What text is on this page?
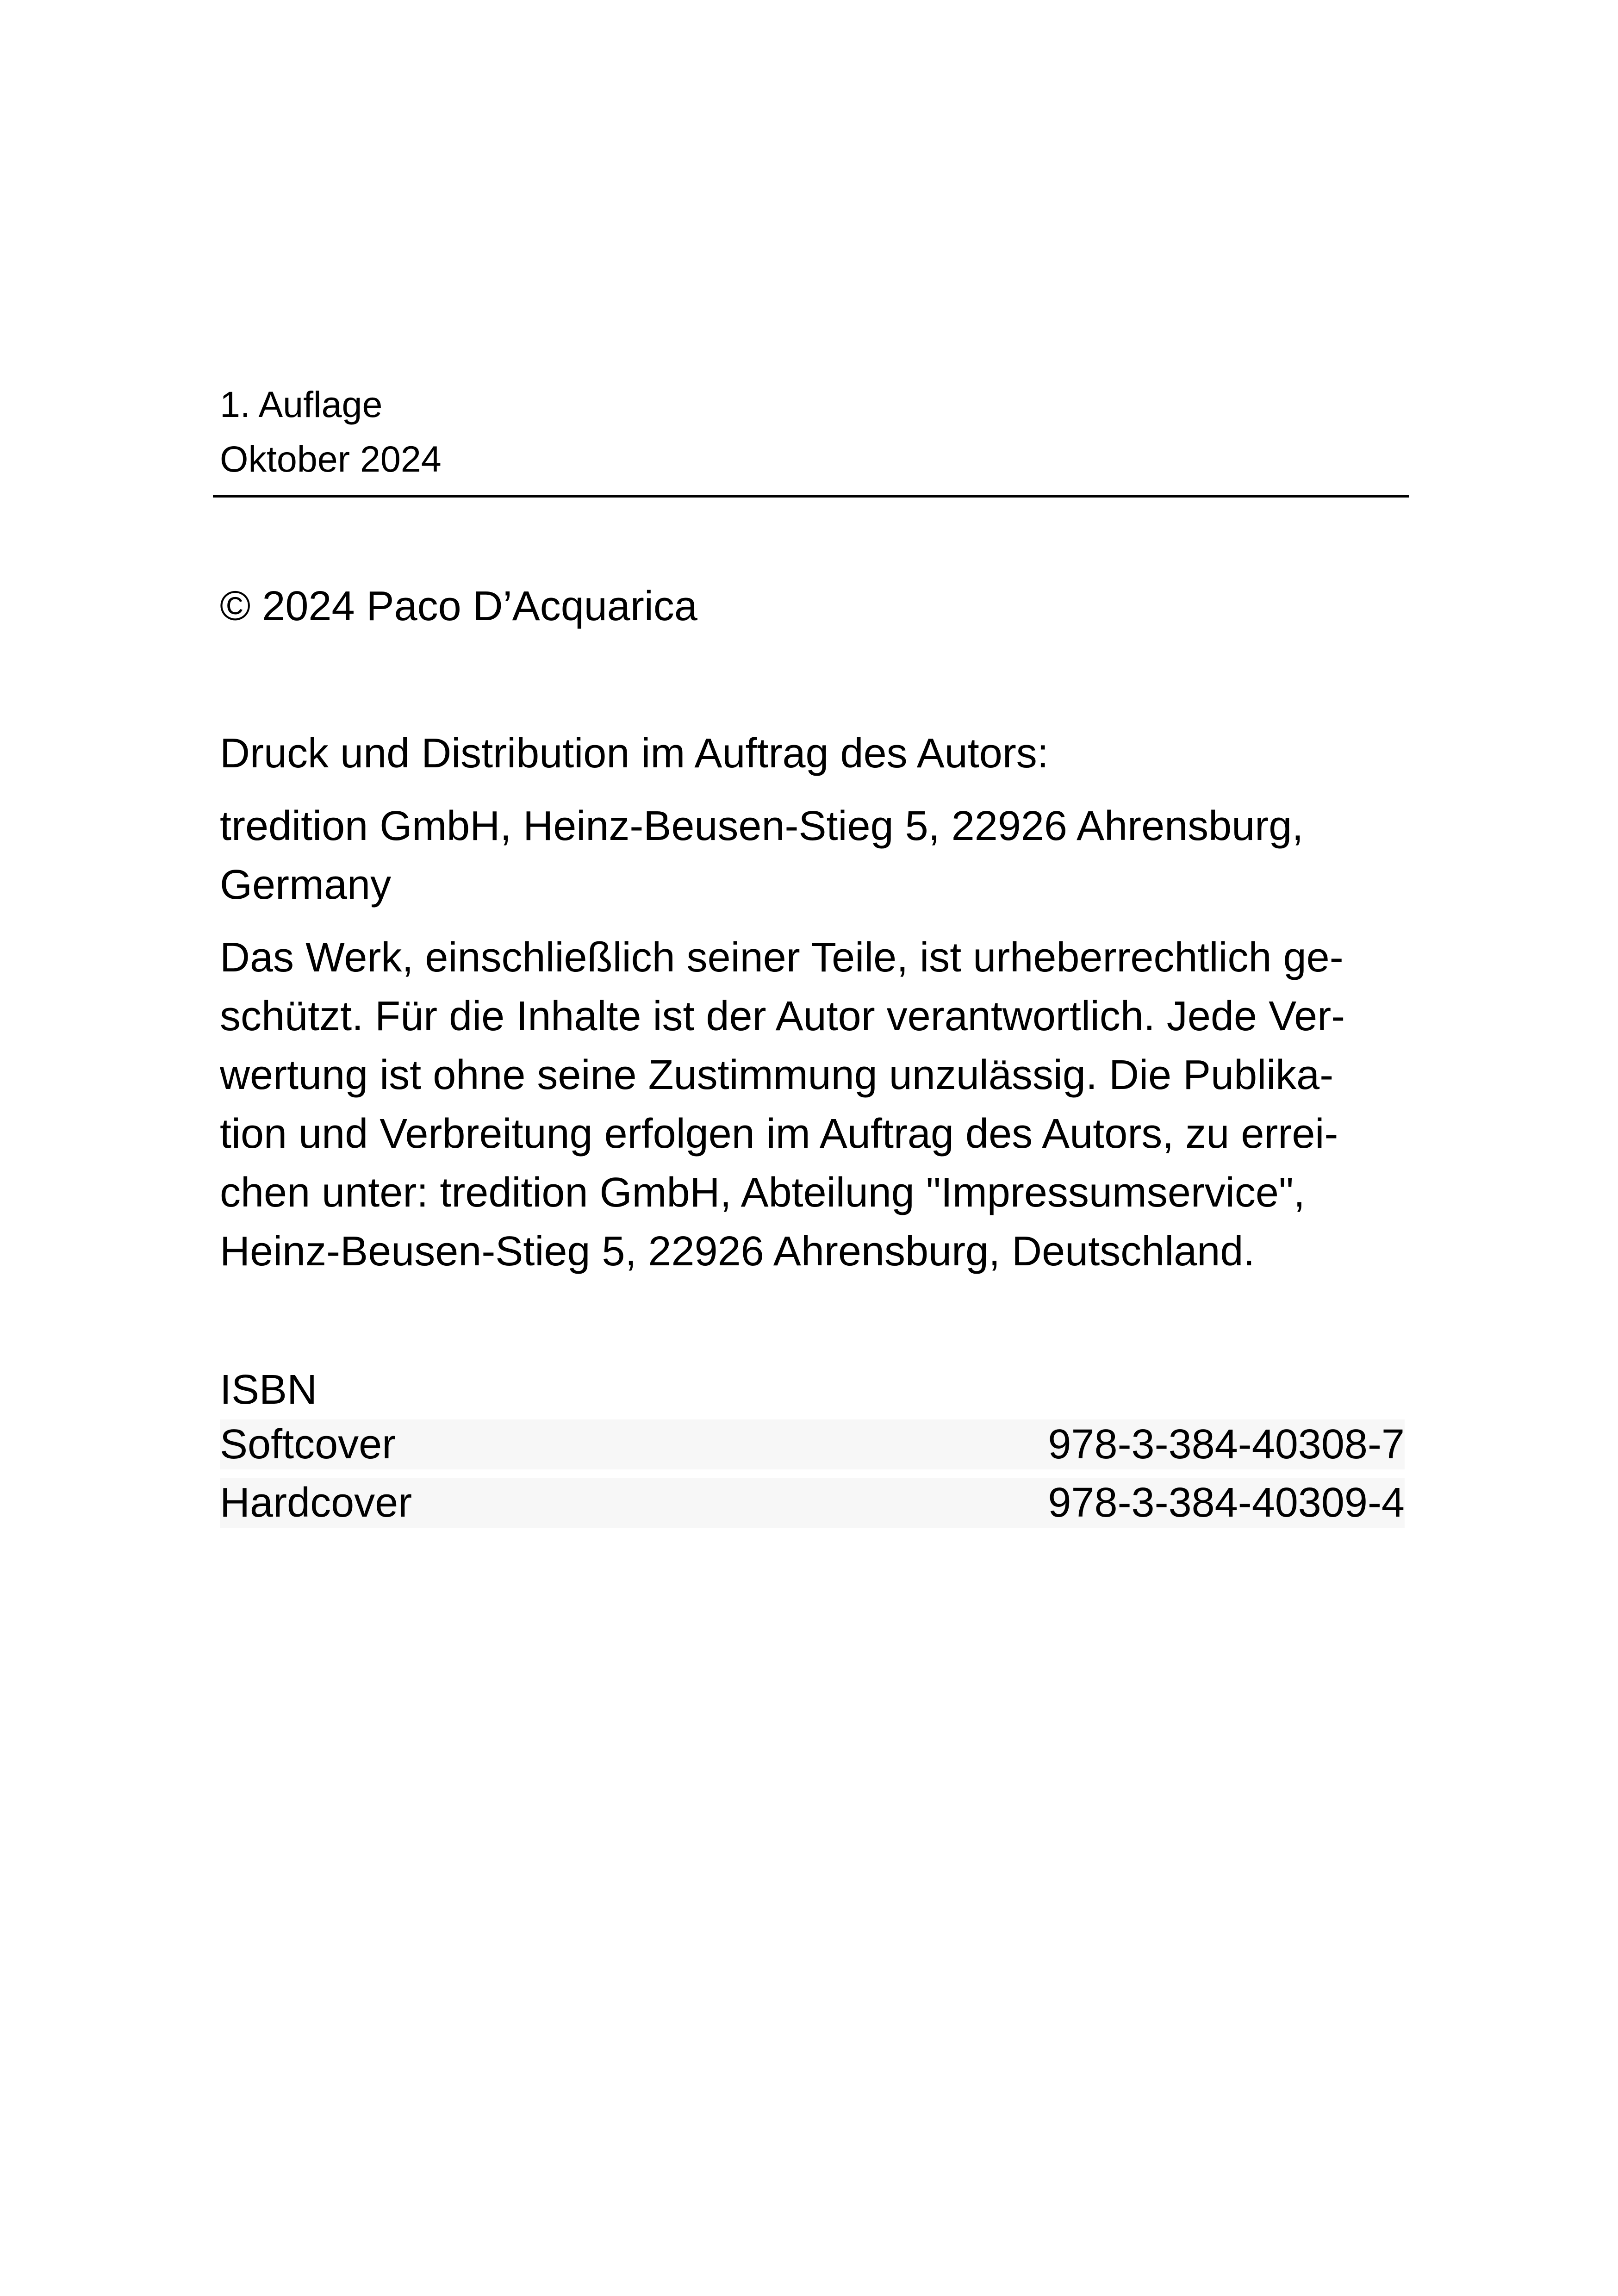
1. Auflage
Oktober 2024
© 2024 Paco D’Acquarica

Druck und Distribution im Auftrag des Autors:

tredition GmbH, Heinz-Beusen-Stieg 5, 22926 Ahrensburg,
Germany

Das Werk, einschließlich seiner Teile, ist urheberrechtlich ge-
schützt. Für die Inhalte ist der Autor verantwortlich. Jede Ver-
wertung ist ohne seine Zustimmung unzulässig. Die Publika-
tion und Verbreitung erfolgen im Auftrag des Autors, zu errei-
chen unter: tredition GmbH, Abteilung "Impressumservice",
Heinz-Beusen-Stieg 5, 22926 Ahrensburg, Deutschland.

ISBN
Softcover	978-3-384-40308-7
Hardcover	978-3-384-40309-4
